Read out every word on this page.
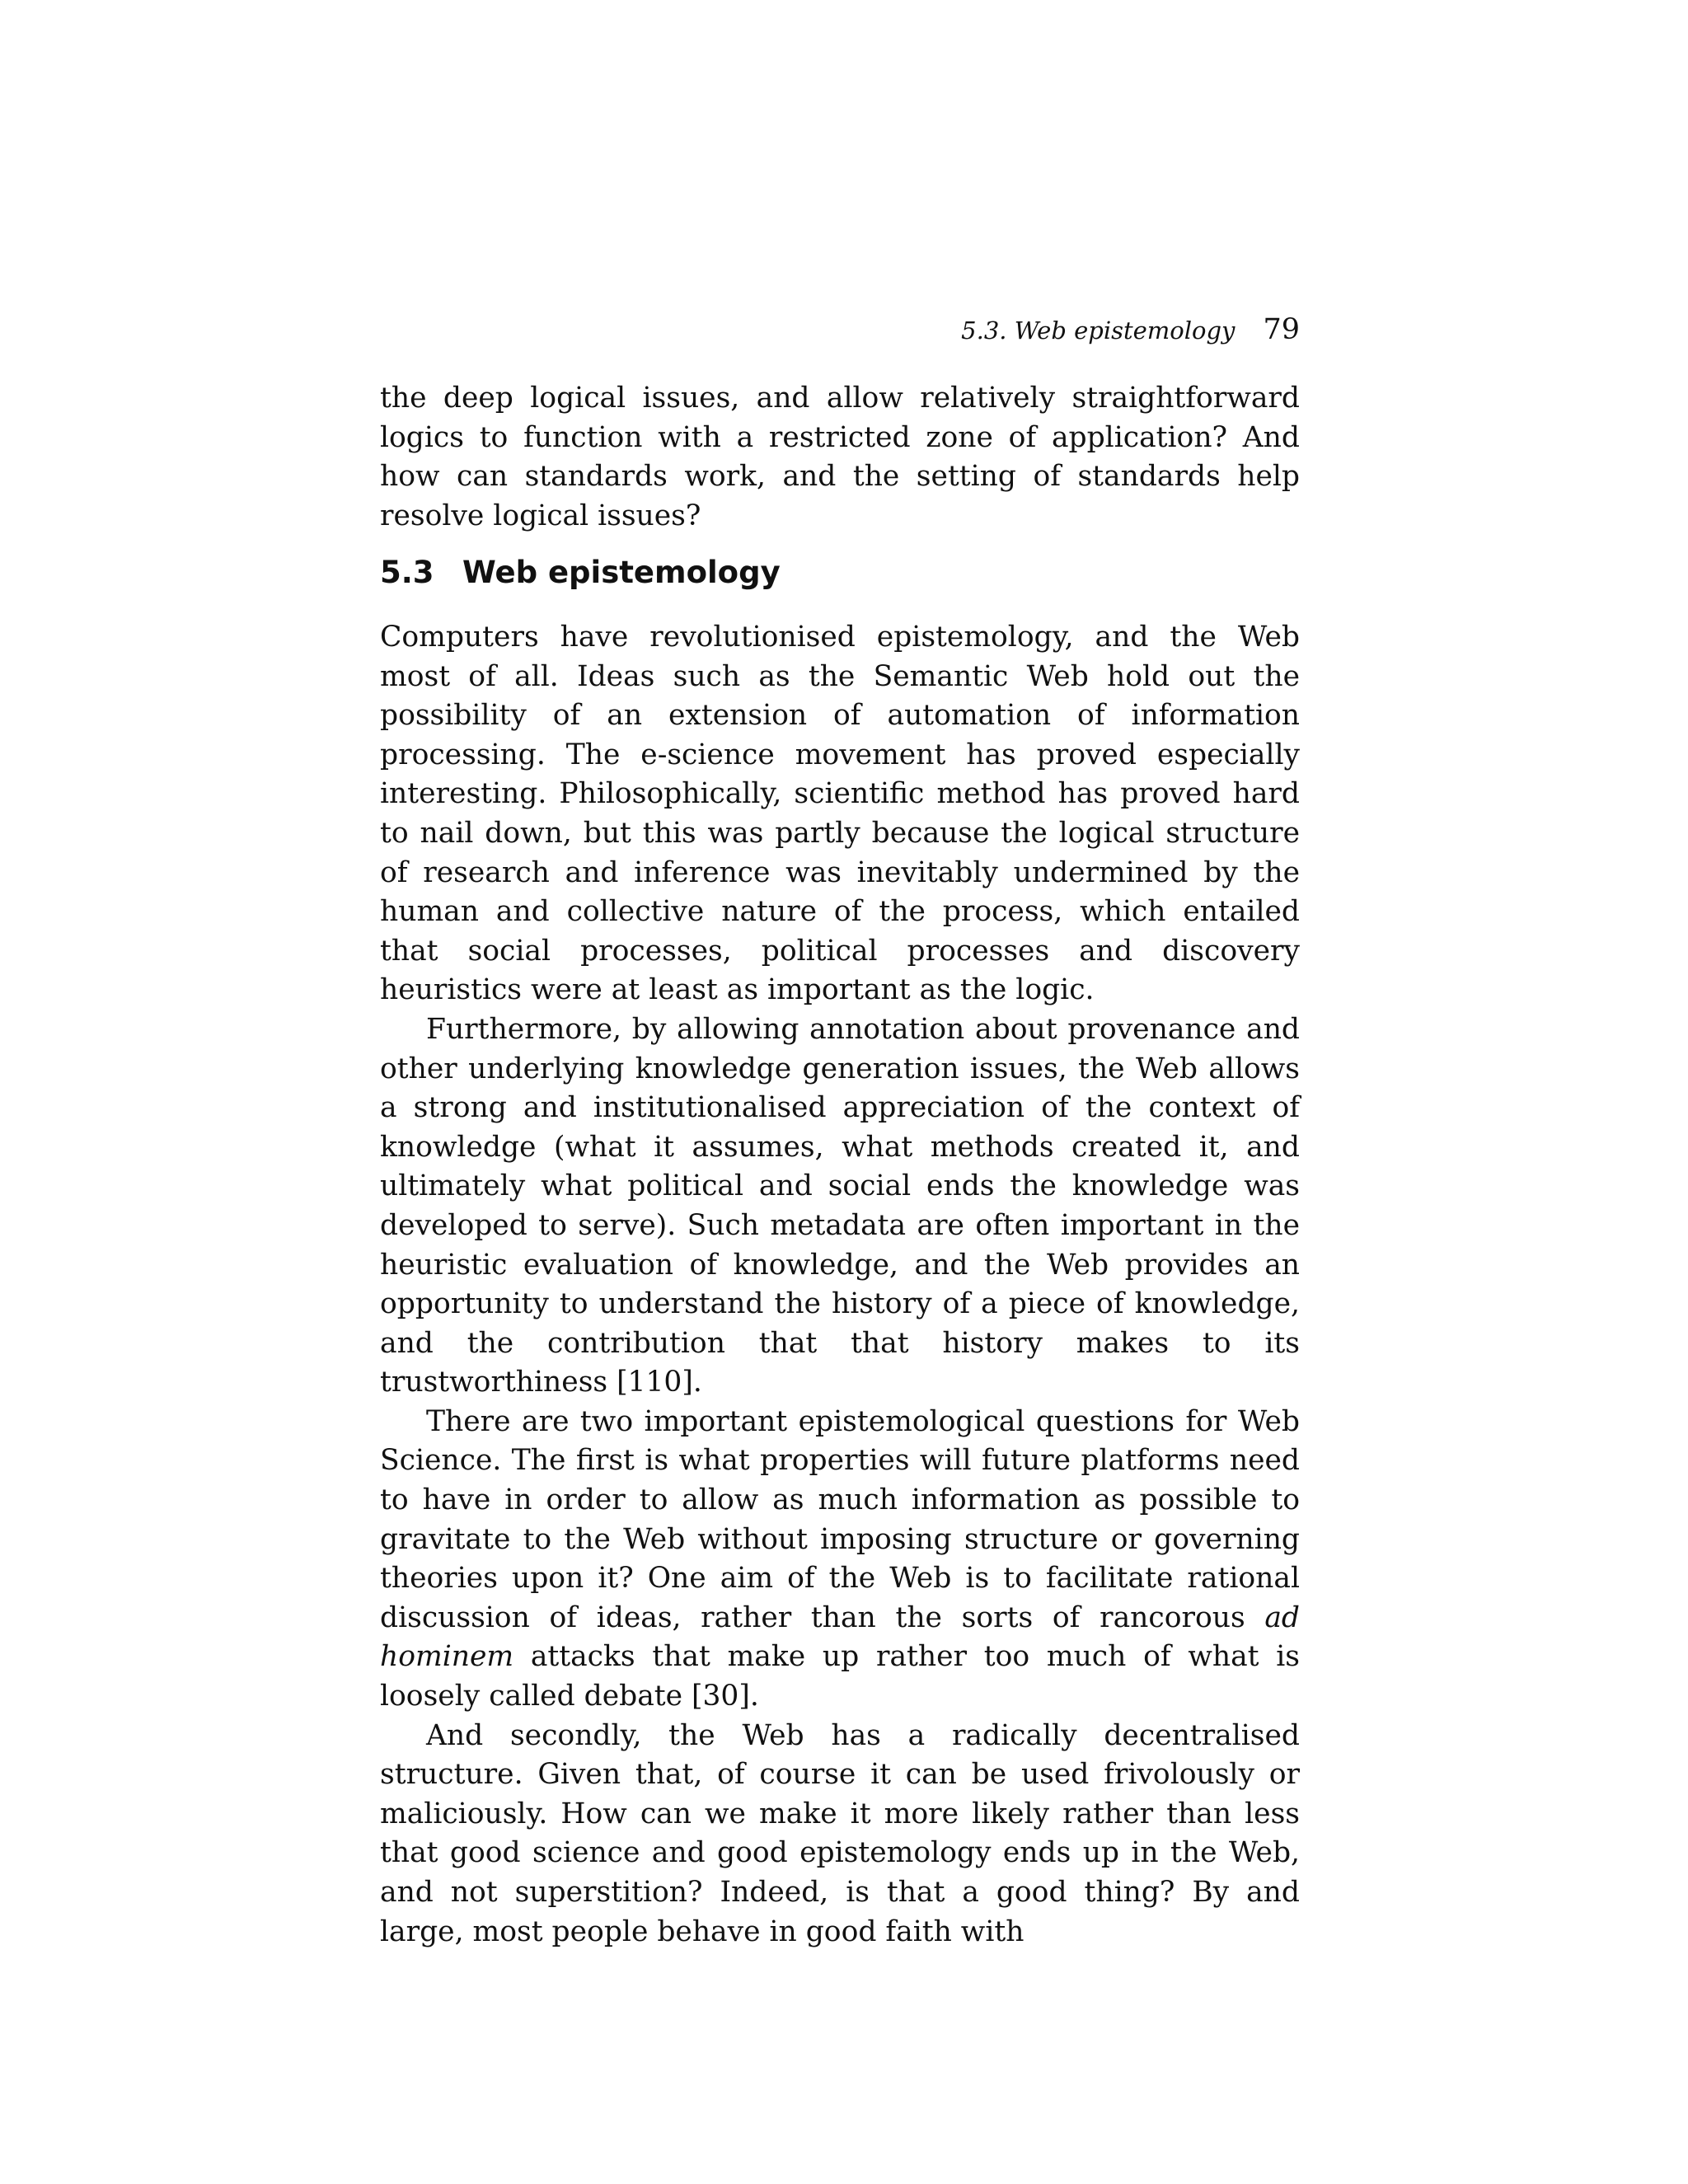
5.3. Web epistemology 79

the deep logical issues, and allow relatively straightforward logics to function with a restricted zone of application? And how can standards work, and the setting of standards help resolve logical issues?

5.3 Web epistemology

Computers have revolutionised epistemology, and the Web most of all. Ideas such as the Semantic Web hold out the possibility of an extension of automation of information processing. The e-science movement has proved especially interesting. Philosophically, scientific method has proved hard to nail down, but this was partly because the logical structure of research and inference was inevitably undermined by the human and collective nature of the process, which entailed that social processes, political processes and discovery heuristics were at least as important as the logic.

Furthermore, by allowing annotation about provenance and other underlying knowledge generation issues, the Web allows a strong and institutionalised appreciation of the context of knowledge (what it assumes, what methods created it, and ultimately what political and social ends the knowledge was developed to serve). Such metadata are often important in the heuristic evaluation of knowledge, and the Web provides an opportunity to understand the history of a piece of knowledge, and the contribution that that history makes to its trustworthiness [110].

There are two important epistemological questions for Web Science. The first is what properties will future platforms need to have in order to allow as much information as possible to gravitate to the Web without imposing structure or governing theories upon it? One aim of the Web is to facilitate rational discussion of ideas, rather than the sorts of rancorous ad hominem attacks that make up rather too much of what is loosely called debate [30].

And secondly, the Web has a radically decentralised structure. Given that, of course it can be used frivolously or maliciously. How can we make it more likely rather than less that good science and good epistemology ends up in the Web, and not superstition? Indeed, is that a good thing? By and large, most people behave in good faith with
